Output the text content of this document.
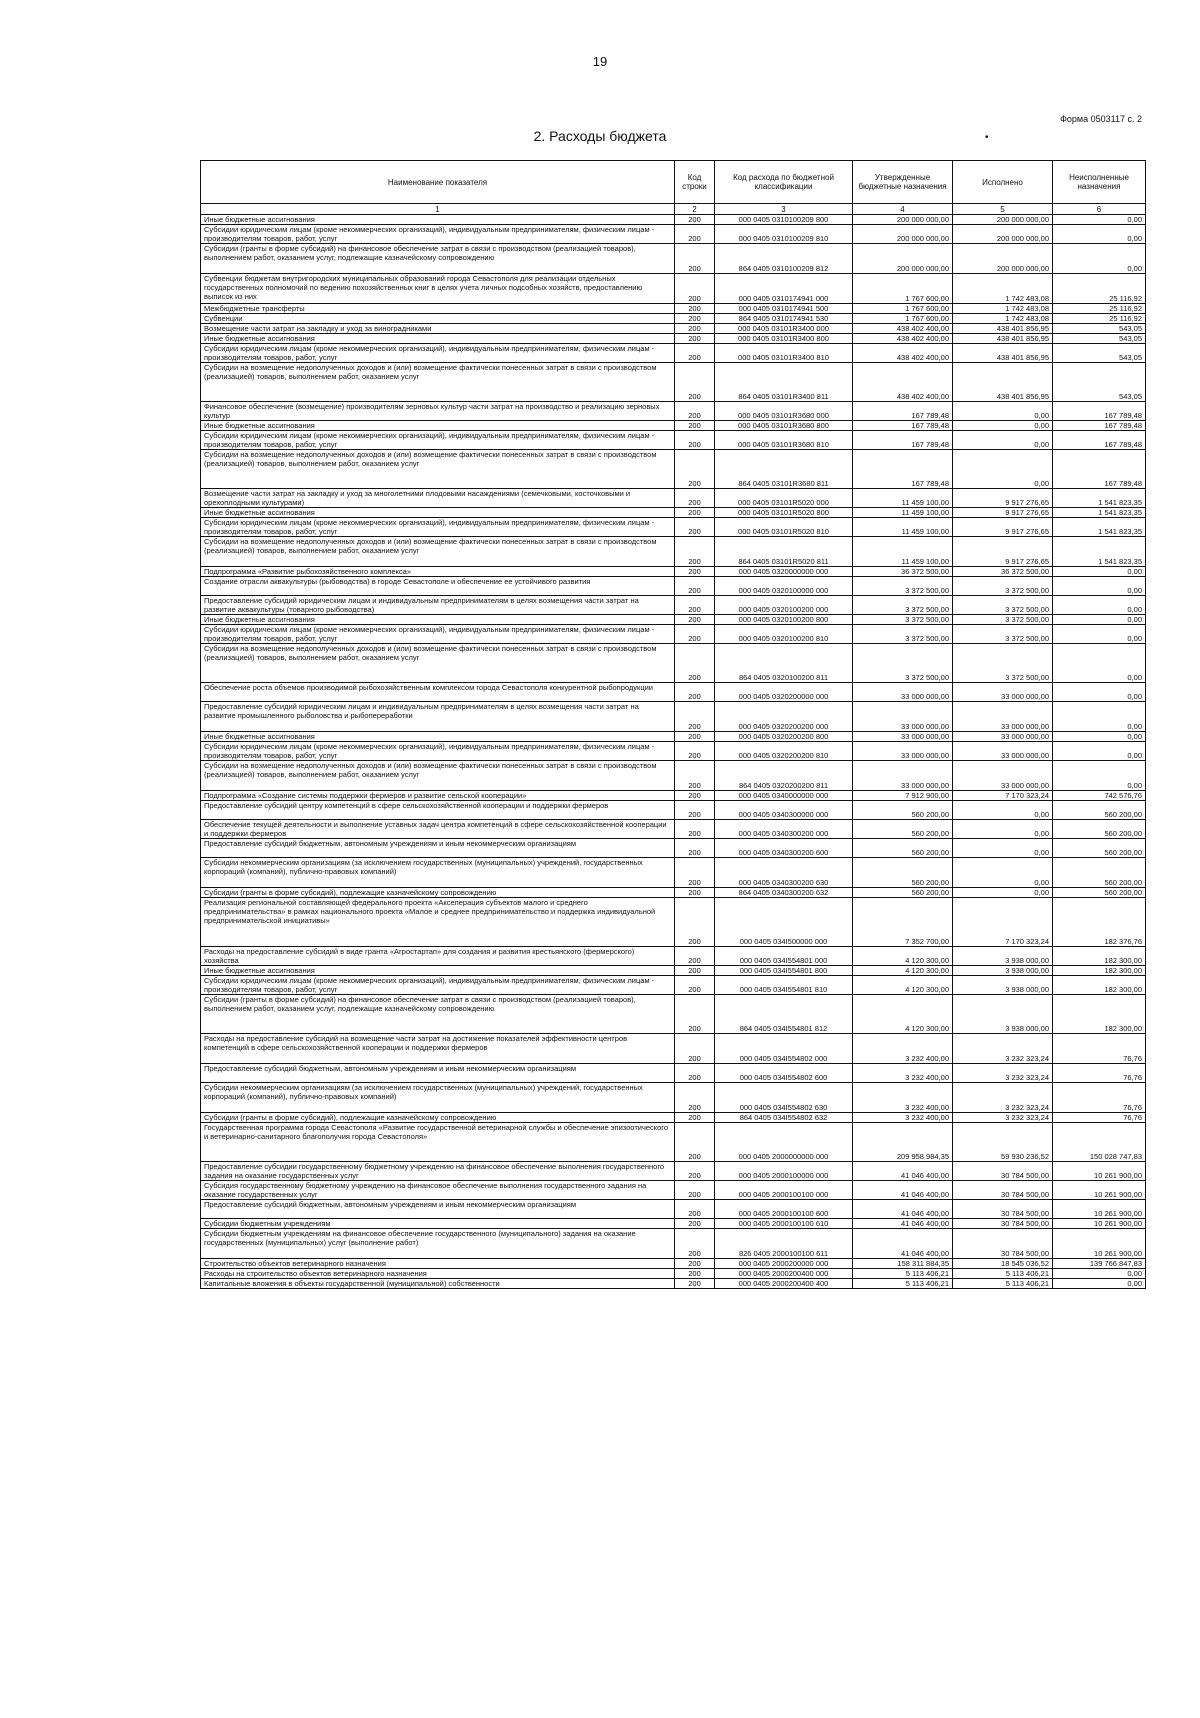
19
Форма 0503117 с. 2
2. Расходы бюджета	•
Наименование показателя	Код строки	Код расхода по бюджетной классификации	Утвержденные бюджетные назначения	Исполнено	Неисполненные назначения
1	2	3	4	5	6
Иные бюджетные ассигнования	200	000 0405 0310100209 800	200 000 000,00	200 000 000,00	0,00
Субсидии юридическим лицам (кроме некоммерческих организаций), индивидуальным предпринимателям, физическим лицам - производителям товаров, работ, услуг	200	000 0405 0310100209 810	200 000 000,00	200 000 000,00	0,00
Субсидии (гранты в форме субсидий) на финансовое обеспечение затрат в связи с производством (реализацией товаров), выполнением работ, оказанием услуг, подлежащие казначейскому сопровождению	200	864 0405 0310100209 812	200 000 000,00	200 000 000,00	0,00
Субвенции бюджетам внутригородских муниципальных образований города Севастополя для реализации отдельных государственных полномочий по ведению похозяйственных книг в целях учета личных подсобных хозяйств, предоставлению выписок из них	200	000 0405 0310174941 000	1 767 600,00	1 742 483,08	25 116,92
Межбюджетные трансферты	200	000 0405 0310174941 500	1 767 600,00	1 742 483,08	25 116,92
Субвенции	200	864 0405 0310174941 530	1 767 600,00	1 742 483,08	25 116,92
Возмещение части затрат на закладку и уход за виноградниками	200	000 0405 03101R3400 000	438 402 400,00	438 401 856,95	543,05
Иные бюджетные ассигнования	200	000 0405 03101R3400 800	438 402 400,00	438 401 856,95	543,05
Субсидии юридическим лицам (кроме некоммерческих организаций), индивидуальным предпринимателям, физическим лицам - производителям товаров, работ, услуг	200	000 0405 03101R3400 810	438 402 400,00	438 401 856,95	543,05
Субсидии на возмещение недополученных доходов и (или) возмещение фактически понесенных затрат в связи с производством (реализацией) товаров, выполнением работ, оказанием услуг	200	864 0405 03101R3400 811	438 402 400,00	438 401 856,95	543,05
Финансовое обеспечение (возмещение) производителям зерновых культур части затрат на производство и реализацию зерновых культур	200	000 0405 03101R3680 000	167 789,48	0,00	167 789,48
Иные бюджетные ассигнования	200	000 0405 03101R3680 800	167 789,48	0,00	167 789,48
Субсидии юридическим лицам (кроме некоммерческих организаций), индивидуальным предпринимателям, физическим лицам - производителям товаров, работ, услуг	200	000 0405 03101R3680 810	167 789,48	0,00	167 789,48
Субсидии на возмещение недополученных доходов и (или) возмещение фактически понесенных затрат в связи с производством (реализацией) товаров, выполнением работ, оказанием услуг	200	864 0405 03101R3680 811	167 789,48	0,00	167 789,48
Возмещение части затрат на закладку и уход за многолетними плодовыми насаждениями (семечковыми, косточковыми и орехоплодными культурами)	200	000 0405 03101R5020 000	11 459 100,00	9 917 276,65	1 541 823,35
Иные бюджетные ассигнования	200	000 0405 03101R5020 800	11 459 100,00	9 917 276,65	1 541 823,35
Субсидии юридическим лицам (кроме некоммерческих организаций), индивидуальным предпринимателям, физическим лицам - производителям товаров, работ, услуг	200	000 0405 03101R5020 810	11 459 100,00	9 917 276,65	1 541 823,35
Субсидии на возмещение недополученных доходов и (или) возмещение фактически понесенных затрат в связи с производством (реализацией) товаров, выполнением работ, оказанием услуг	200	864 0405 03101R5020 811	11 459 100,00	9 917 276,65	1 541 823,35
Подпрограмма «Развитие рыбохозяйственного комплекса»	200	000 0405 0320000000 000	36 372 500,00	36 372 500,00	0,00
Создание отрасли аквакультуры (рыбоводства) в городе Севастополе и обеспечение ее устойчивого развития	200	000 0405 0320100000 000	3 372 500,00	3 372 500,00	0,00
Предоставление субсидий юридическим лицам и индивидуальным предпринимателям в целях возмещения части затрат на развитие аквакультуры (товарного рыбоводства)	200	000 0405 0320100200 000	3 372 500,00	3 372 500,00	0,00
Иные бюджетные ассигнования	200	000 0405 0320100200 800	3 372 500,00	3 372 500,00	0,00
Субсидии юридическим лицам (кроме некоммерческих организаций), индивидуальным предпринимателям, физическим лицам - производителям товаров, работ, услуг	200	000 0405 0320100200 810	3 372 500,00	3 372 500,00	0,00
Субсидии на возмещение недополученных доходов и (или) возмещение фактически понесенных затрат в связи с производством (реализацией) товаров, выполнением работ, оказанием услуг	200	864 0405 0320100200 811	3 372 500,00	3 372 500,00	0,00
Обеспечение роста объемов производимой рыбохозяйственным комплексом города Севастополя конкурентной рыбопродукции	200	000 0405 0320200000 000	33 000 000,00	33 000 000,00	0,00
Предоставление субсидий юридическим лицам и индивидуальным предпринимателям в целях возмещения части затрат на развитие промышленного рыболовства и рыбопереработки	200	000 0405 0320200200 000	33 000 000,00	33 000 000,00	0,00
Иные бюджетные ассигнования	200	000 0405 0320200200 800	33 000 000,00	33 000 000,00	0,00
Субсидии юридическим лицам (кроме некоммерческих организаций), индивидуальным предпринимателям, физическим лицам - производителям товаров, работ, услуг	200	000 0405 0320200200 810	33 000 000,00	33 000 000,00	0,00
Субсидии на возмещение недополученных доходов и (или) возмещение фактически понесенных затрат в связи с производством (реализацией) товаров, выполнением работ, оказанием услуг	200	864 0405 0320200200 811	33 000 000,00	33 000 000,00	0,00
Подпрограмма «Создание системы поддержки фермеров и развитие сельской кооперации»	200	000 0405 0340000000 000	7 912 900,00	7 170 323,24	742 576,76
Предоставление субсидий центру компетенций в сфере сельскохозяйственной кооперации и поддержки фермеров	200	000 0405 0340300000 000	560 200,00	0,00	560 200,00
Обеспечение текущей деятельности и выполнение уставных задач центра компетенций в сфере сельскохозяйственной кооперации и поддержки фермеров	200	000 0405 0340300200 000	560 200,00	0,00	560 200,00
Предоставление субсидий бюджетным, автономным учреждениям и иным некоммерческим организациям	200	000 0405 0340300200 600	560 200,00	0,00	560 200,00
Субсидии некоммерческим организациям (за исключением государственных (муниципальных) учреждений, государственных корпораций (компаний), публично-правовых компаний)	200	000 0405 0340300200 630	560 200,00	0,00	560 200,00
Субсидии (гранты в форме субсидий), подлежащие казначейскому сопровождению	200	864 0405 0340300200 632	560 200,00	0,00	560 200,00
Реализация региональной составляющей федерального проекта «Акселерация субъектов малого и среднего предпринимательства» в рамках национального проекта «Малое и среднее предпринимательство и поддержка индивидуальной предпринимательской инициативы»	200	000 0405 034I500000 000	7 352 700,00	7 170 323,24	182 376,76
Расходы на предоставление субсидий в виде гранта «Агростартап» для создания и развития крестьянского (фермерского) хозяйства	200	000 0405 034I554801 000	4 120 300,00	3 938 000,00	182 300,00
Иные бюджетные ассигнования	200	000 0405 034I554801 800	4 120 300,00	3 938 000,00	182 300,00
Субсидии юридическим лицам (кроме некоммерческих организаций), индивидуальным предпринимателям, физическим лицам - производителям товаров, работ, услуг	200	000 0405 034I554801 810	4 120 300,00	3 938 000,00	182 300,00
Субсидии (гранты в форме субсидий) на финансовое обеспечение затрат в связи с производством (реализацией товаров), выполнением работ, оказанием услуг, подлежащие казначейскому сопровождению	200	864 0405 034I554801 812	4 120 300,00	3 938 000,00	182 300,00
Расходы на предоставление субсидий на возмещение части затрат на достижение показателей эффективности центров компетенций в сфере сельскохозяйственной кооперации и поддержки фермеров	200	000 0405 034I554802 000	3 232 400,00	3 232 323,24	76,76
Предоставление субсидий бюджетным, автономным учреждениям и иным некоммерческим организациям	200	000 0405 034I554802 600	3 232 400,00	3 232 323,24	76,76
Субсидии некоммерческим организациям (за исключением государственных (муниципальных) учреждений, государственных корпораций (компаний), публично-правовых компаний)	200	000 0405 034I554802 630	3 232 400,00	3 232 323,24	76,76
Субсидии (гранты в форме субсидий), подлежащие казначейскому сопровождению	200	864 0405 034I554802 632	3 232 400,00	3 232 323,24	76,76
Государственная программа города Севастополя «Развитие государственной ветеринарной службы и обеспечение эпизоотического и ветеринарно-санитарного благополучия города Севастополя»	200	000 0405 2000000000 000	209 958 984,35	59 930 236,52	150 028 747,83
Предоставление субсидии государственному бюджетному учреждению на финансовое обеспечение выполнения государственного задания на оказание государственных услуг	200	000 0405 2000100000 000	41 046 400,00	30 784 500,00	10 261 900,00
Субсидия государственному бюджетному учреждению на финансовое обеспечение выполнения государственного задания на оказание государственных услуг	200	000 0405 2000100100 000	41 046 400,00	30 784 500,00	10 261 900,00
Предоставление субсидий бюджетным, автономным учреждениям и иным некоммерческим организациям	200	000 0405 2000100100 600	41 046 400,00	30 784 500,00	10 261 900,00
Субсидии бюджетным учреждениям	200	000 0405 2000100100 610	41 046 400,00	30 784 500,00	10 261 900,00
Субсидии бюджетным учреждениям на финансовое обеспечение государственного (муниципального) задания на оказание государственных (муниципальных) услуг (выполнение работ)	200	826 0405 2000100100 611	41 046 400,00	30 784 500,00	10 261 900,00
Строительство объектов ветеринарного назначения	200	000 0405 2000200000 000	158 311 884,35	18 545 036,52	139 766 847,83
Расходы на строительство объектов ветеринарного назначения	200	000 0405 2000200400 000	5 113 406,21	5 113 406,21	0,00
Капитальные вложения в объекты государственной (муниципальной) собственности	200	000 0405 2000200400 400	5 113 406,21	5 113 406,21	0,00
